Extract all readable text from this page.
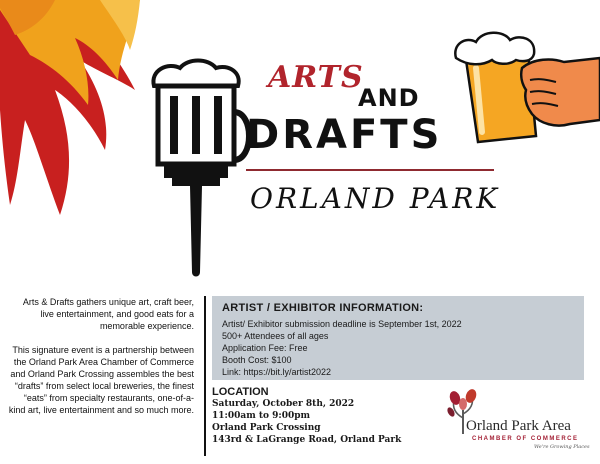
ARTS
AND
DRAFTS
ORLAND PARK

Arts & Drafts gathers unique art, craft beer, live entertainment, and good eats for a memorable experience.

This signature event is a partnership between the Orland Park Area Chamber of Commerce and Orland Park Crossing assembles the best “drafts” from select local breweries, the finest “eats” from specialty restaurants, one-of-a-kind art, live entertainment and so much more.

ARTIST / EXHIBITOR INFORMATION:
Artist/ Exhibitor submission deadline is September 1st, 2022
500+ Attendees of all ages
Application Fee: Free
Booth Cost: $100
Link: https://bit.ly/artist2022
LOCATION
Saturday, October 8th, 2022
11:00am to 9:00pm
Orland Park Crossing
143rd & LaGrange Road, Orland Park
Orland Park Area
CHAMBER OF COMMERCE
We're Growing Places
